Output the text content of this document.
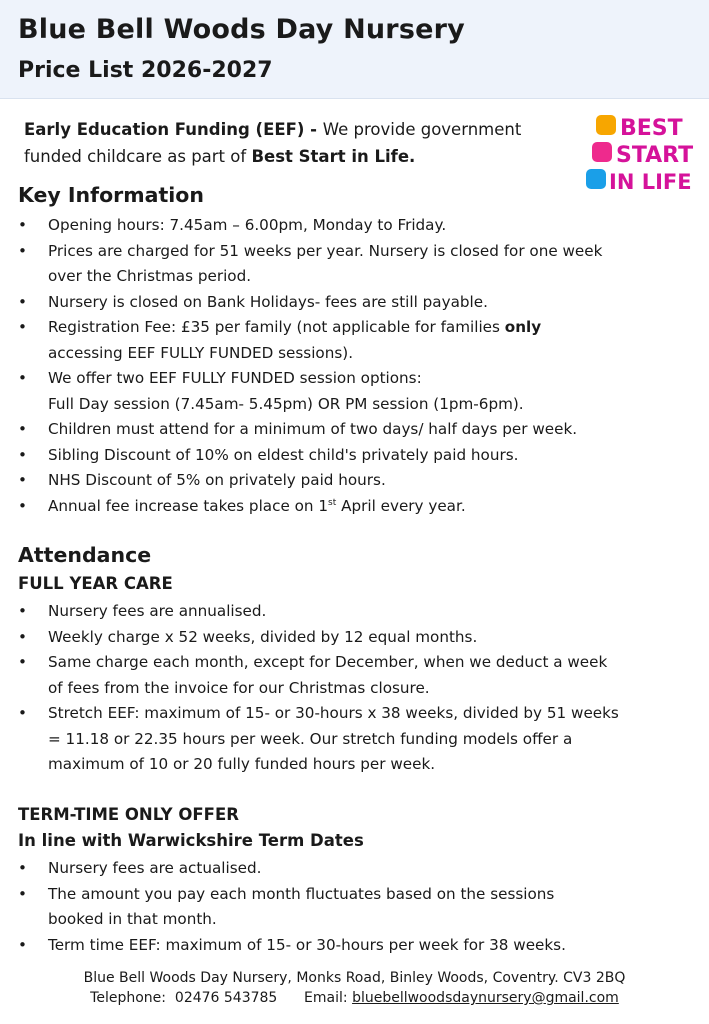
Blue Bell Woods Day Nursery
Price List 2026-2027
Early Education Funding (EEF) - We provide government
funded childcare as part of Best Start in Life.
BEST
START
IN LIFE
Key Information
• Opening hours: 7.45am – 6.00pm, Monday to Friday.
• Prices are charged for 51 weeks per year. Nursery is closed for one week
over the Christmas period.
• Nursery is closed on Bank Holidays- fees are still payable.
• Registration Fee: £35 per family (not applicable for families only
accessing EEF FULLY FUNDED sessions).
• We offer two EEF FULLY FUNDED session options:
Full Day session (7.45am- 5.45pm) OR PM session (1pm-6pm).
• Children must attend for a minimum of two days/ half days per week.
• Sibling Discount of 10% on eldest child's privately paid hours.
• NHS Discount of 5% on privately paid hours.
• Annual fee increase takes place on 1st April every year.
Attendance
FULL YEAR CARE
• Nursery fees are annualised.
• Weekly charge x 52 weeks, divided by 12 equal months.
• Same charge each month, except for December, when we deduct a week
of fees from the invoice for our Christmas closure.
• Stretch EEF: maximum of 15- or 30-hours x 38 weeks, divided by 51 weeks
= 11.18 or 22.35 hours per week. Our stretch funding models offer a
maximum of 10 or 20 fully funded hours per week.
TERM-TIME ONLY OFFER
In line with Warwickshire Term Dates
• Nursery fees are actualised.
• The amount you pay each month fluctuates based on the sessions
booked in that month.
• Term time EEF: maximum of 15- or 30-hours per week for 38 weeks.
Blue Bell Woods Day Nursery, Monks Road, Binley Woods, Coventry. CV3 2BQ
Telephone: 02476 543785 Email: bluebellwoodsdaynursery@gmail.com
